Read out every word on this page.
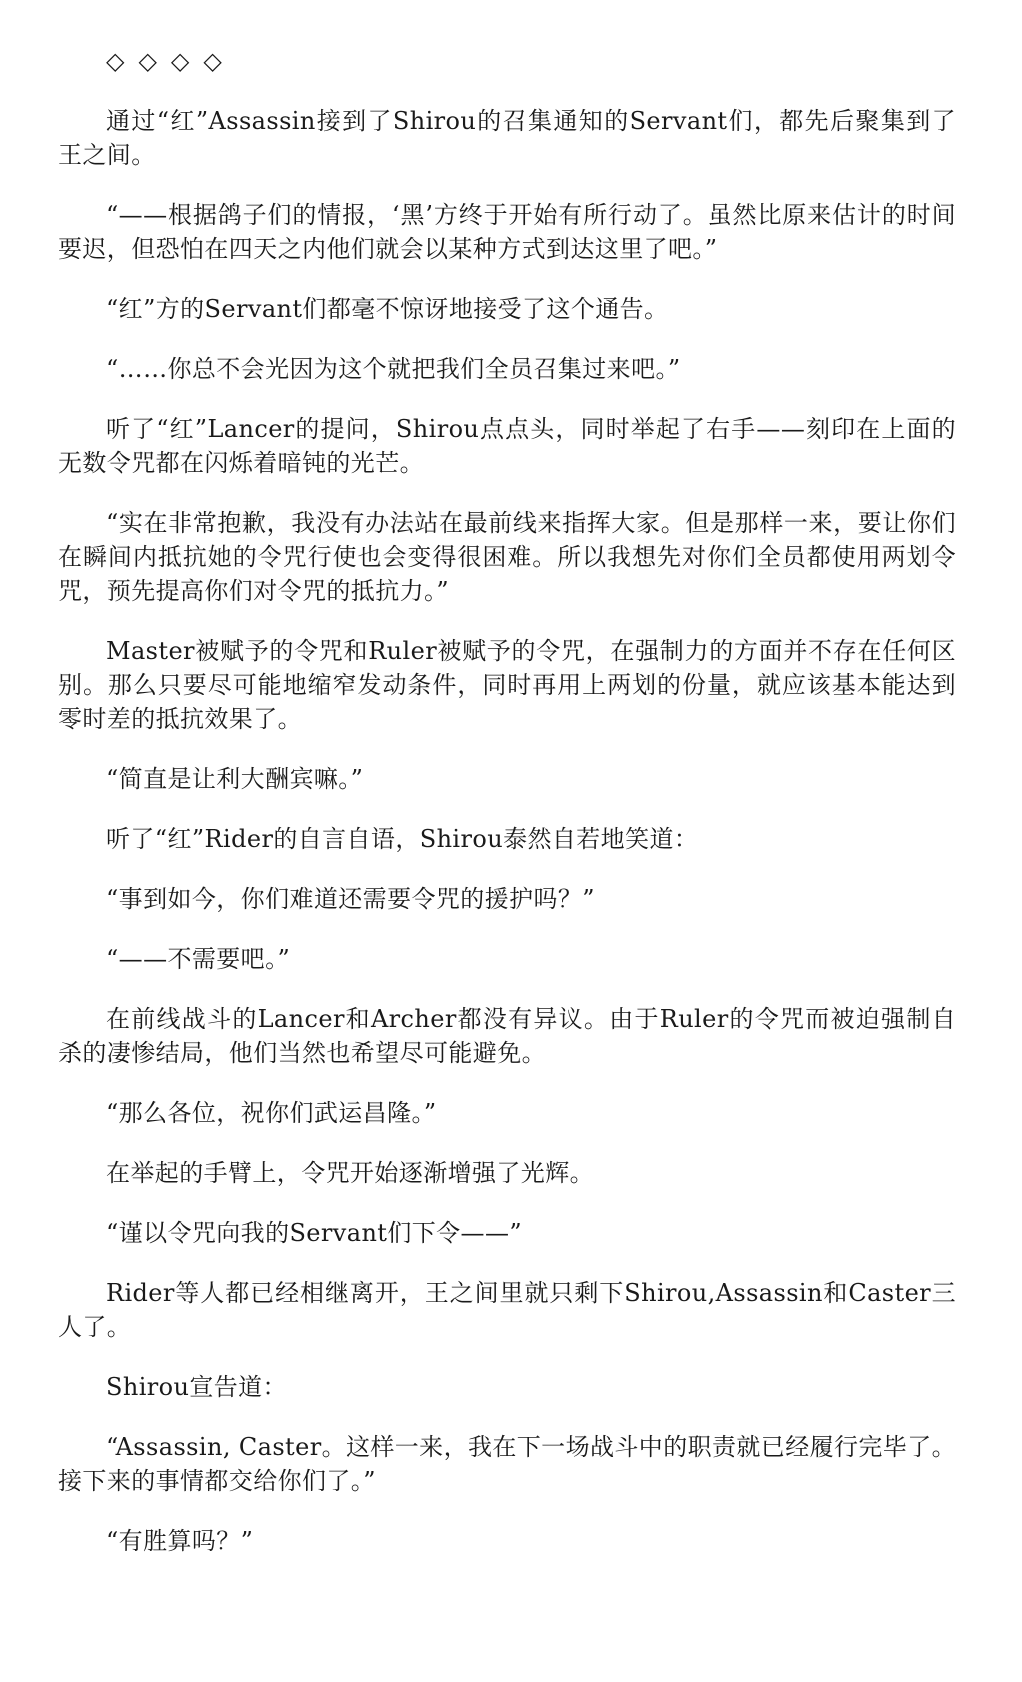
◇◇◇◇

通过“红”Assassin接到了Shirou的召集通知的Servant们，都先后聚集到了王之间。

“——根据鸽子们的情报，‘黑’方终于开始有所行动了。虽然比原来估计的时间要迟，但恐怕在四天之内他们就会以某种方式到达这里了吧。”

“红”方的Servant们都毫不惊讶地接受了这个通告。

“……你总不会光因为这个就把我们全员召集过来吧。”

听了“红”Lancer的提问，Shirou点点头，同时举起了右手——刻印在上面的无数令咒都在闪烁着暗钝的光芒。

“实在非常抱歉，我没有办法站在最前线来指挥大家。但是那样一来，要让你们在瞬间内抵抗她的令咒行使也会变得很困难。所以我想先对你们全员都使用两划令咒，预先提高你们对令咒的抵抗力。”

Master被赋予的令咒和Ruler被赋予的令咒，在强制力的方面并不存在任何区别。那么只要尽可能地缩窄发动条件，同时再用上两划的份量，就应该基本能达到零时差的抵抗效果了。

“简直是让利大酬宾嘛。”

听了“红”Rider的自言自语，Shirou泰然自若地笑道：

“事到如今，你们难道还需要令咒的援护吗？”

“——不需要吧。”

在前线战斗的Lancer和Archer都没有异议。由于Ruler的令咒而被迫强制自杀的凄惨结局，他们当然也希望尽可能避免。

“那么各位，祝你们武运昌隆。”

在举起的手臂上，令咒开始逐渐增强了光辉。

“谨以令咒向我的Servant们下令——”

Rider等人都已经相继离开，王之间里就只剩下Shirou,Assassin和Caster三人了。

Shirou宣告道：

“Assassin, Caster。这样一来，我在下一场战斗中的职责就已经履行完毕了。接下来的事情都交给你们了。”

“有胜算吗？”
